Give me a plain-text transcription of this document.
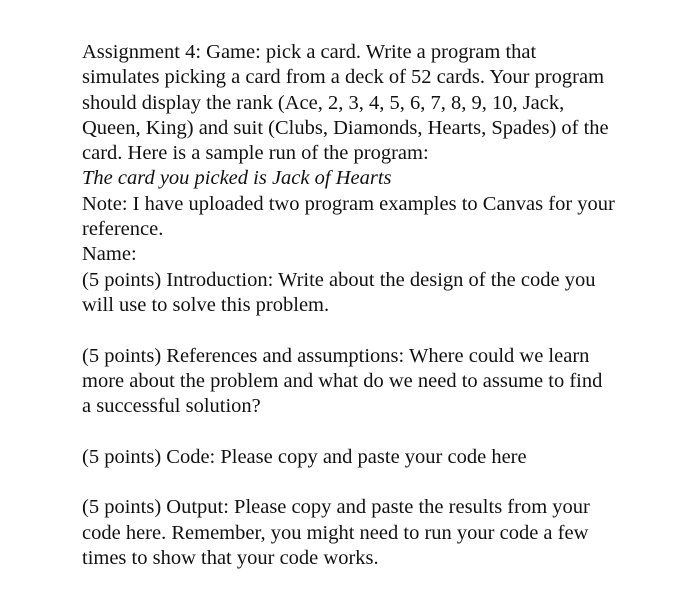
Assignment 4: Game: pick a card. Write a program that
simulates picking a card from a deck of 52 cards. Your program
should display the rank (Ace, 2, 3, 4, 5, 6, 7, 8, 9, 10, Jack,
Queen, King) and suit (Clubs, Diamonds, Hearts, Spades) of the
card. Here is a sample run of the program:
The card you picked is Jack of Hearts
Note: I have uploaded two program examples to Canvas for your
reference.
Name:
(5 points) Introduction: Write about the design of the code you
will use to solve this problem.
(5 points) References and assumptions: Where could we learn
more about the problem and what do we need to assume to find
a successful solution?
(5 points) Code: Please copy and paste your code here
(5 points) Output: Please copy and paste the results from your
code here. Remember, you might need to run your code a few
times to show that your code works.
